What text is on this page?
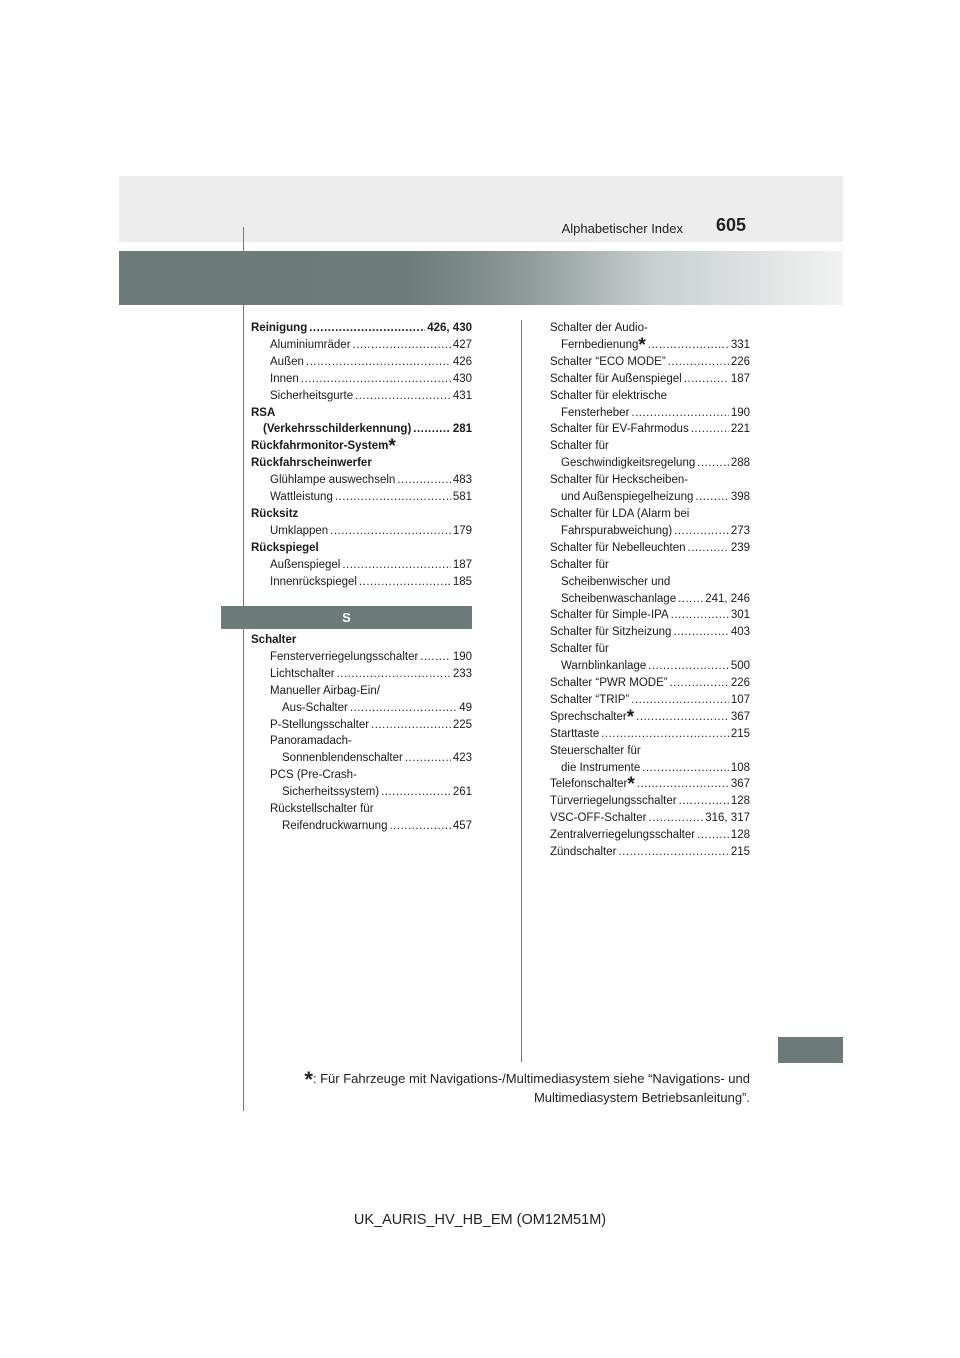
Alphabetischer Index 605
Reinigung .....	426, 430
Aluminiumräder .....	427
Außen .....	426
Innen .....	430
Sicherheitsgurte .....	431
RSA
(Verkehrsschilderkennung) .....	281
Rückfahrmonitor-System*
Rückfahrscheinwerfer
Glühlampe auswechseln .....	483
Wattleistung .....	581
Rücksitz
Umklappen .....	179
Rückspiegel
Außenspiegel .....	187
Innenrückspiegel .....	185
S
Schalter
Fensterverriegelungsschalter .....	190
Lichtschalter .....	233
Manueller Airbag-Ein/
Aus-Schalter .....	49
P-Stellungsschalter .....	225
Panoramadach-
Sonnenblendenschalter .....	423
PCS (Pre-Crash-
Sicherheitssystem) .....	261
Rückstellschalter für
Reifendruckwarnung .....	457
Schalter der Audio-
Fernbedienung* .....	331
Schalter “ECO MODE” .....	226
Schalter für Außenspiegel .....	187
Schalter für elektrische
Fensterheber .....	190
Schalter für EV-Fahrmodus .....	221
Schalter für
Geschwindigkeitsregelung .....	288
Schalter für Heckscheiben-
und Außenspiegelheizung .....	398
Schalter für LDA (Alarm bei
Fahrspurabweichung) .....	273
Schalter für Nebelleuchten .....	239
Schalter für
Scheibenwischer und
Scheibenwaschanlage .....	241, 246
Schalter für Simple-IPA .....	301
Schalter für Sitzheizung .....	403
Schalter für
Warnblinkanlage .....	500
Schalter “PWR MODE” .....	226
Schalter “TRIP” .....	107
Sprechschalter* .....	367
Starttaste .....	215
Steuerschalter für
die Instrumente .....	108
Telefonschalter* .....	367
Türverriegelungsschalter .....	128
VSC-OFF-Schalter .....	316, 317
Zentralverriegelungsschalter .....	128
Zündschalter .....	215
*: Für Fahrzeuge mit Navigations-/Multimediasystem siehe “Navigations- und
Multimediasystem Betriebsanleitung”.
UK_AURIS_HV_HB_EM (OM12M51M)
